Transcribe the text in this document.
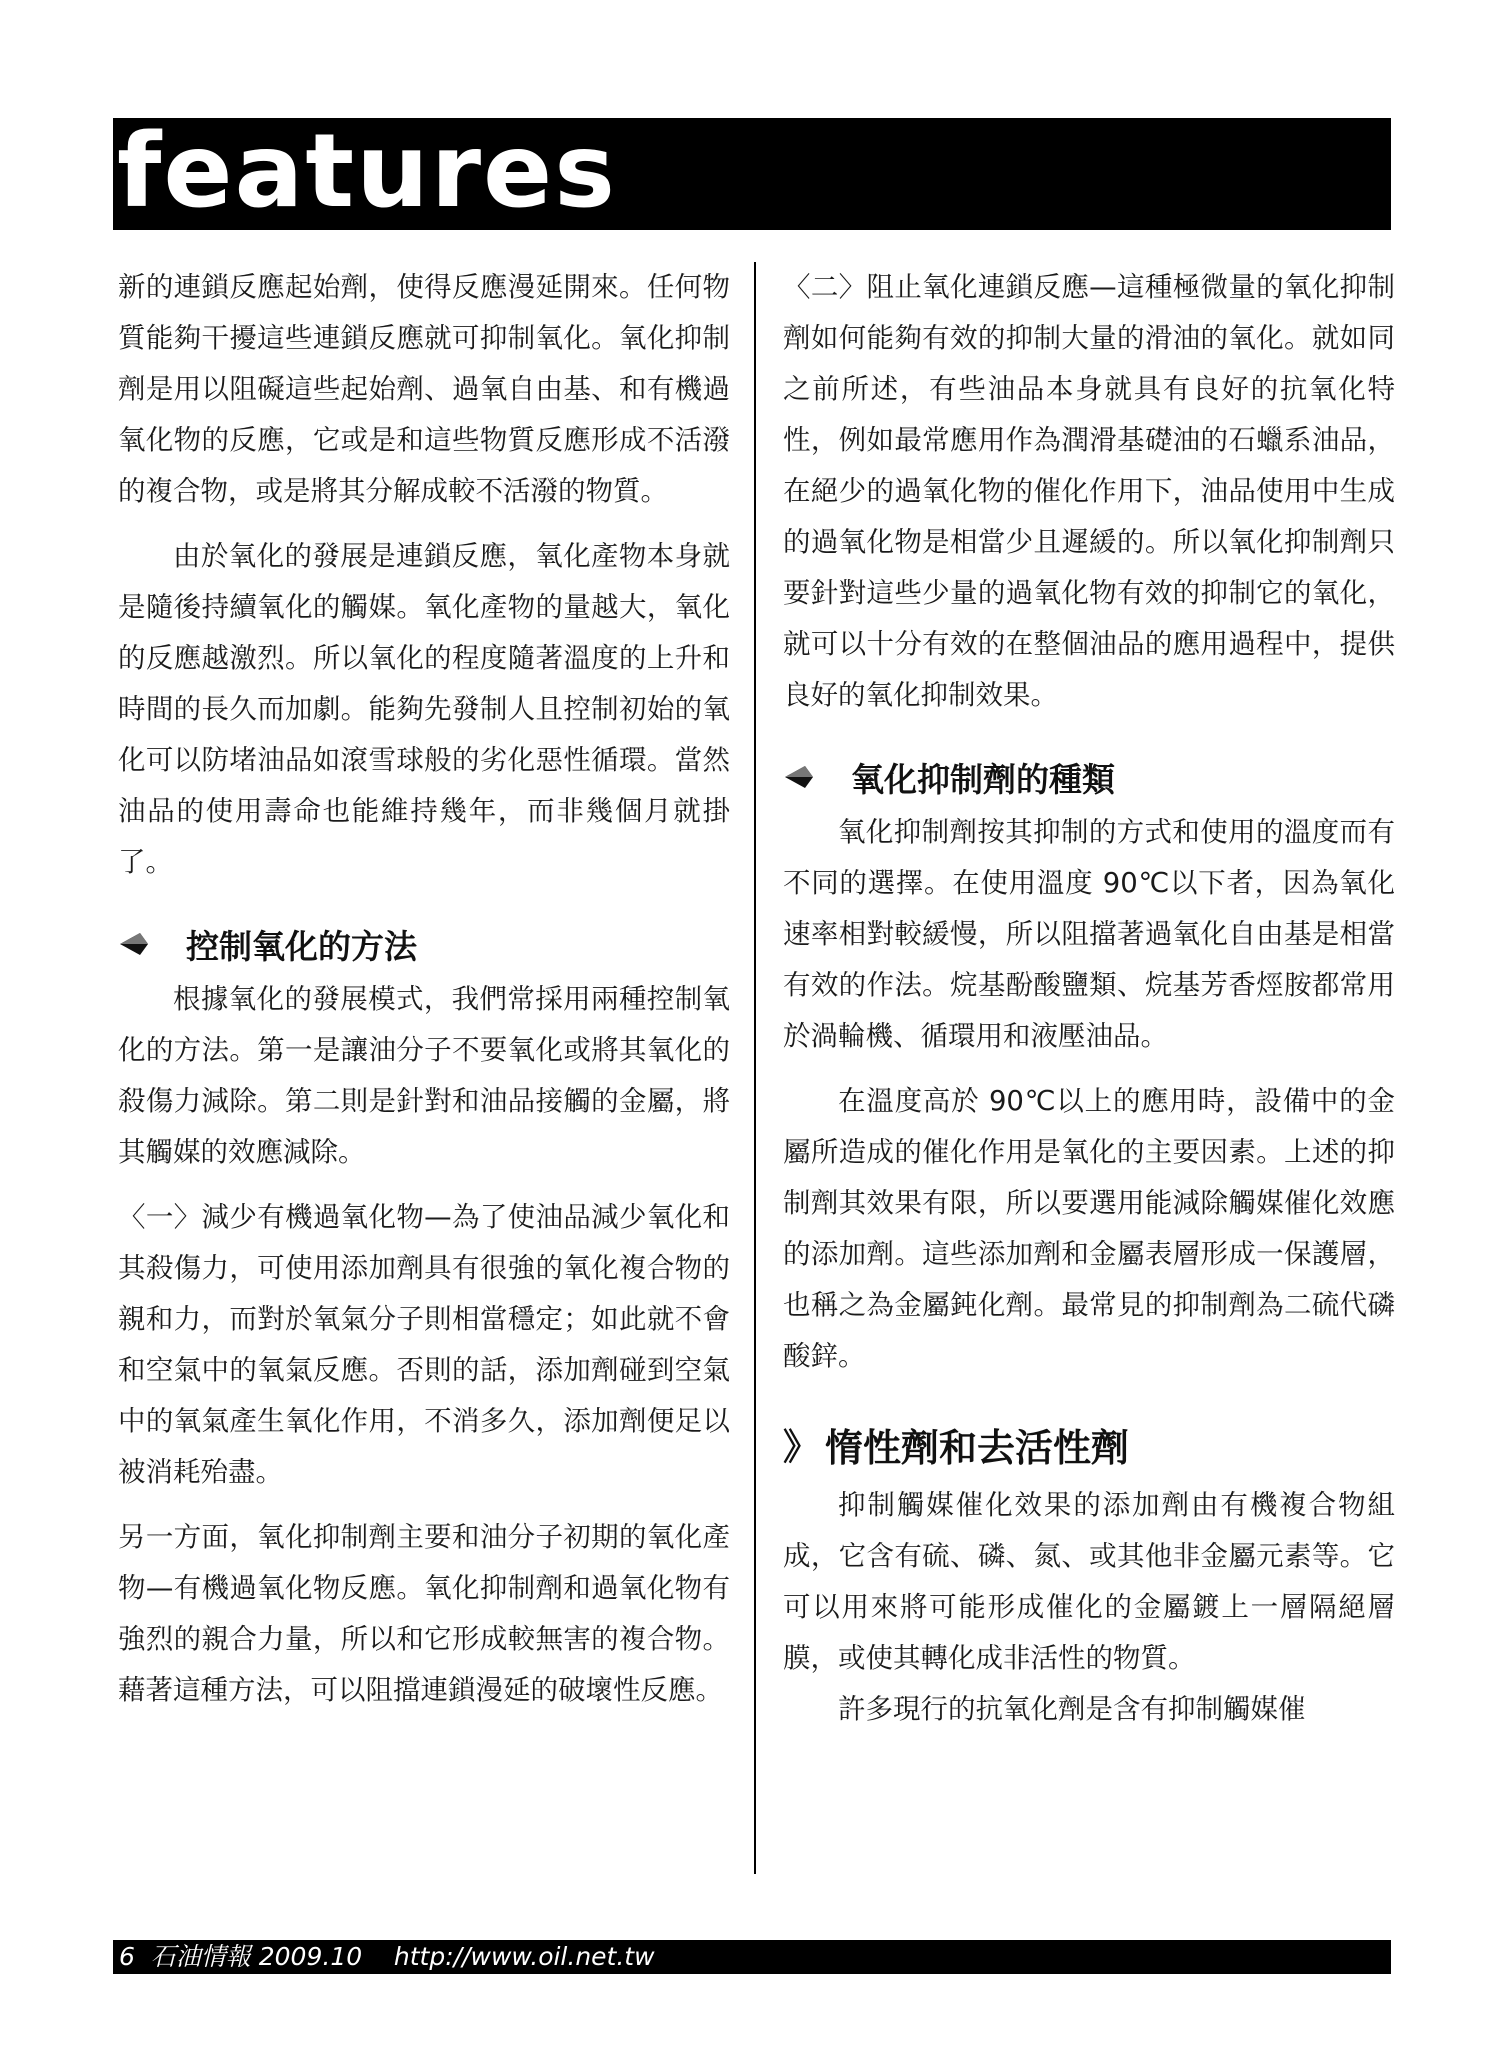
features

新的連鎖反應起始劑，使得反應漫延開來。任何物質能夠干擾這些連鎖反應就可抑制氧化。氧化抑制劑是用以阻礙這些起始劑、過氧自由基、和有機過氧化物的反應，它或是和這些物質反應形成不活潑的複合物，或是將其分解成較不活潑的物質。

由於氧化的發展是連鎖反應，氧化產物本身就是隨後持續氧化的觸媒。氧化產物的量越大，氧化的反應越激烈。所以氧化的程度隨著溫度的上升和時間的長久而加劇。能夠先發制人且控制初始的氧化可以防堵油品如滾雪球般的劣化惡性循環。當然油品的使用壽命也能維持幾年，而非幾個月就掛了。

控制氧化的方法

根據氧化的發展模式，我們常採用兩種控制氧化的方法。第一是讓油分子不要氧化或將其氧化的殺傷力減除。第二則是針對和油品接觸的金屬，將其觸媒的效應減除。

〈一〉減少有機過氧化物—為了使油品減少氧化和其殺傷力，可使用添加劑具有很強的氧化複合物的親和力，而對於氧氣分子則相當穩定；如此就不會和空氣中的氧氣反應。否則的話，添加劑碰到空氣中的氧氣產生氧化作用，不消多久，添加劑便足以被消耗殆盡。

另一方面，氧化抑制劑主要和油分子初期的氧化產物—有機過氧化物反應。氧化抑制劑和過氧化物有強烈的親合力量，所以和它形成較無害的複合物。藉著這種方法，可以阻擋連鎖漫延的破壞性反應。

〈二〉阻止氧化連鎖反應—這種極微量的氧化抑制劑如何能夠有效的抑制大量的滑油的氧化。就如同之前所述，有些油品本身就具有良好的抗氧化特性，例如最常應用作為潤滑基礎油的石蠟系油品，在絕少的過氧化物的催化作用下，油品使用中生成的過氧化物是相當少且遲緩的。所以氧化抑制劑只要針對這些少量的過氧化物有效的抑制它的氧化，就可以十分有效的在整個油品的應用過程中，提供良好的氧化抑制效果。

氧化抑制劑的種類

氧化抑制劑按其抑制的方式和使用的溫度而有不同的選擇。在使用溫度 90℃以下者，因為氧化速率相對較緩慢，所以阻擋著過氧化自由基是相當有效的作法。烷基酚酸鹽類、烷基芳香烴胺都常用於渦輪機、循環用和液壓油品。

在溫度高於 90℃以上的應用時，設備中的金屬所造成的催化作用是氧化的主要因素。上述的抑制劑其效果有限，所以要選用能減除觸媒催化效應的添加劑。這些添加劑和金屬表層形成一保護層，也稱之為金屬鈍化劑。最常見的抑制劑為二硫代磷酸鋅。

》 惰性劑和去活性劑

抑制觸媒催化效果的添加劑由有機複合物組成，它含有硫、磷、氮、或其他非金屬元素等。它可以用來將可能形成催化的金屬鍍上一層隔絕層膜，或使其轉化成非活性的物質。

許多現行的抗氧化劑是含有抑制觸媒催

6  石油情報 2009.10    http://www.oil.net.tw
